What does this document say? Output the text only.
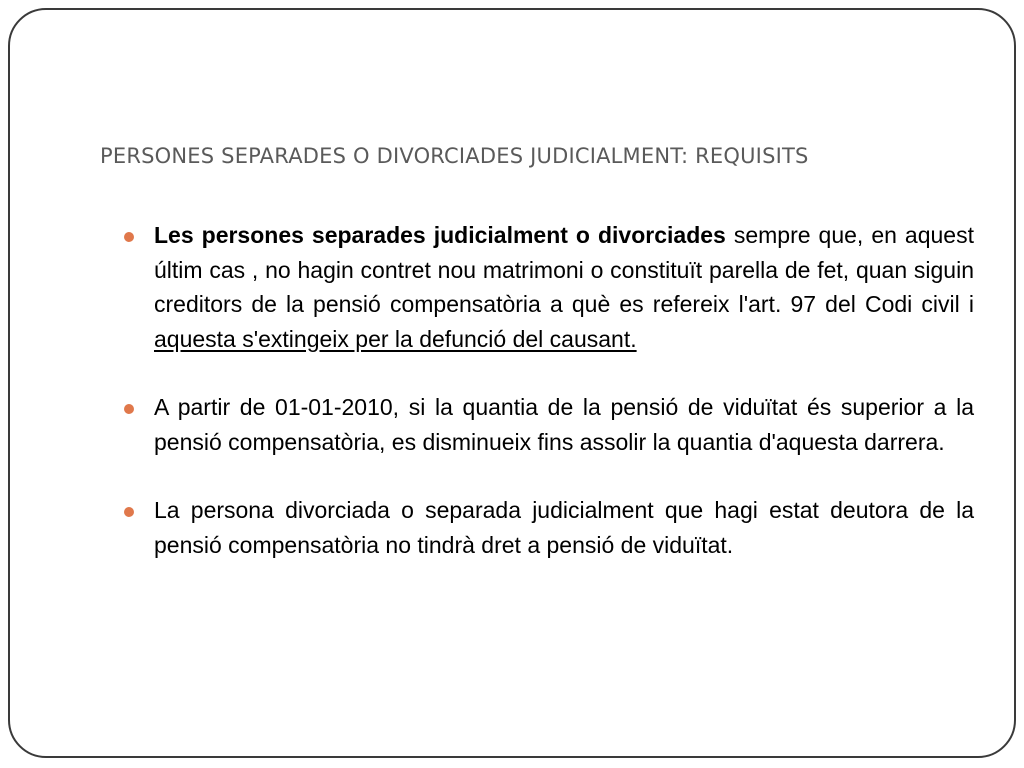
PERSONES SEPARADES O DIVORCIADES JUDICIALMENT: REQUISITS
Les persones separades judicialment o divorciades sempre que, en aquest últim cas , no hagin contret nou matrimoni o constituït parella de fet, quan siguin creditors de la pensió compensatòria a què es refereix l'art. 97 del Codi civil i aquesta s'extingeix per la defunció del causant.
A partir de 01-01-2010, si la quantia de la pensió de viduïtat és superior a la pensió compensatòria, es disminueix fins assolir la quantia d'aquesta darrera.
La persona divorciada o separada judicialment que hagi estat deutora de la pensió compensatòria no tindrà dret a pensió de viduïtat.
